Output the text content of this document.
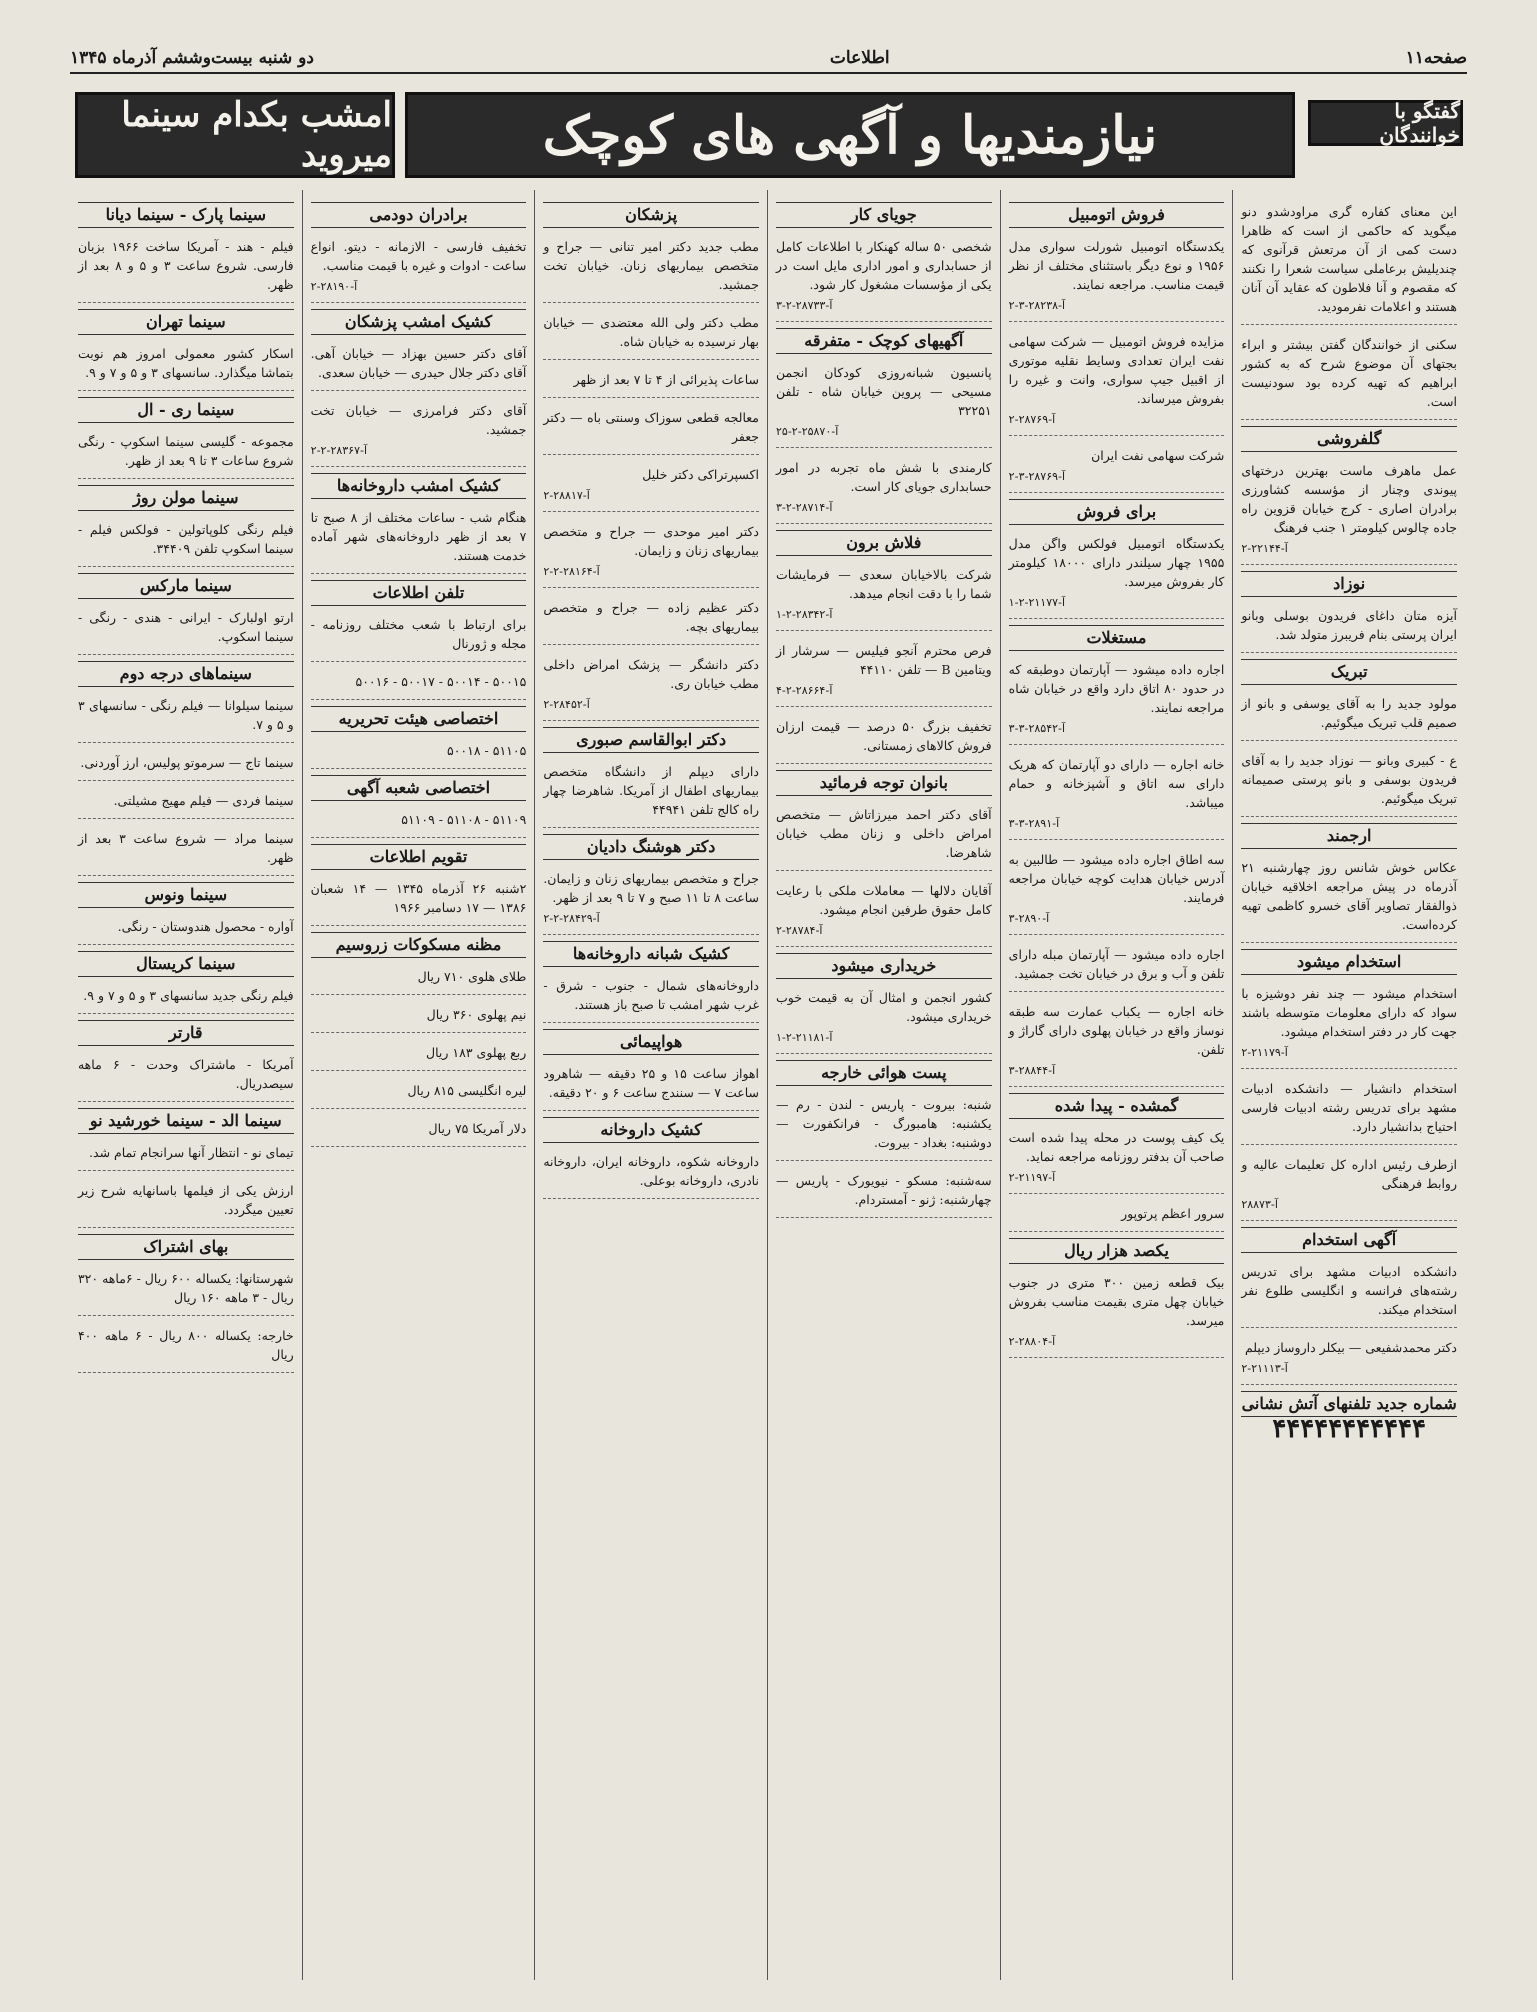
صفحه۱۱
اطلاعات
دو شنبه بیست‌وششم آذرماه ۱۳۴۵
گفتگو با خوانندگان
نیازمندیها و آگهی های کوچک
امشب بکدام سینما میروید

این معنای کفاره گری مراودشدو دنو میگوید که حاکمی از است که ظاهرا دست کمی از آن مرتعش قرآنوی که چندیلیش برعاملی سیاست شعرا را نکنند که مقصوم و آنا فلاطون که عقاید آن آنان هستند و اعلامات نفرمودید.

سکنی از خوانندگان گفتن بیشتر و ابراء بجتهای آن موضوع شرح که به کشور ابراهیم که تهیه کرده بود سودنیست است.

گلفروشی

عمل ماهرف ماست بهترین درختهای پیوندی وچنار از مؤسسه کشاورزی برادران اصاری - کرج خیابان قزوین راه جاده چالوس کیلومتر ۱ جنب فرهنگ

آ-۲۲۱۴۴-۲
نوزاد

آیزه متان داغای فریدون بوسلی وبانو ایران پرستی بنام فریبرز متولد شد.

تبریک

مولود جدید را به آقای یوسفی و بانو از صمیم قلب تبریک میگوئیم.

ع - کبیری وبانو — نوزاد جدید را به آقای فریدون بوسفی و بانو پرستی صمیمانه تبریک میگوئیم.

ارجمند

عکاس خوش شانس روز چهارشنبه ۲۱ آذرماه در پیش مراجعه اخلاقیه خیابان ذوالفقار تصاویر آقای خسرو کاظمی تهیه کرده‌است.

استخدام میشود

استخدام میشود — چند نفر دوشیزه با سواد که دارای معلومات متوسطه باشند جهت کار در دفتر استخدام میشود.

آ-۲۱۱۷۹-۲

استخدام دانشیار — دانشکده ادبیات مشهد برای تدریس رشته ادبیات فارسی احتیاج بدانشیار دارد.

ازطرف رئیس اداره کل تعلیمات عالیه و روابط فرهنگی

آ-۲۸۸۷۳
آگهی استخدام

دانشکده ادبیات مشهد برای تدریس رشته‌های فرانسه و انگلیسی طلوع نفر استخدام میکند.

دکتر محمدشفیعی — بیکلر داروساز دیپلم

آ-۲۱۱۱۳-۲
شماره جدید تلفنهای آتش نشانی
۴۴۴۴۴۴۴۴۴۴۴
فروش اتومبیل

یکدستگاه اتومبیل شورلت سواری مدل ۱۹۵۶ و نوع دیگر باستثنای مختلف از نظر قیمت مناسب. مراجعه نمایند.

آ-۲۸۲۳۸-۳-۲

مزایده فروش اتومبیل — شرکت سهامی نفت ایران تعدادی وسایط نقلیه موتوری از اقبیل جیپ سواری، وانت و غیره را بفروش میرساند.

آ-۲۸۷۶۹-۲

شرکت سهامی نفت ایران

آ-۲۸۷۶۹-۳-۲
برای فروش

یکدستگاه اتومبیل فولکس واگن مدل ۱۹۵۵ چهار سیلندر دارای ۱۸۰۰۰ کیلومتر کار بفروش میرسد.

آ-۲۱۱۷۷-۲-۱
مستغلات

اجاره داده میشود — آپارتمان دوطبقه که در حدود ۸۰ اتاق دارد واقع در خیابان شاه مراجعه نمایند.

آ-۲۸۵۴۲-۳-۳

خانه اجاره — دارای دو آپارتمان که هریک دارای سه اتاق و آشپزخانه و حمام میباشد.

آ-۲۸۹۱-۳-۳

سه اطاق اجاره داده میشود — طالبین به آدرس خیابان هدایت کوچه خیابان مراجعه فرمایند.

آ-۲۸۹۰-۳

اجاره داده میشود — آپارتمان مبله دارای تلفن و آب و برق در خیابان تخت جمشید.

خانه اجاره — یکباب عمارت سه طبقه نوساز واقع در خیابان پهلوی دارای گاراژ و تلفن.

آ-۲۸۸۴۴-۳
گمشده - پیدا شده

یک کیف پوست در محله پیدا شده است صاحب آن بدفتر روزنامه مراجعه نماید.

آ-۲۱۱۹۷-۲

سرور اعظم پرتوپور

یکصد هزار ریال

بیک قطعه زمین ۳۰۰ متری در جنوب خیابان چهل متری بقیمت مناسب بفروش میرسد.

آ-۲۸۸۰۴-۲
جویای کار

شخصی ۵۰ ساله کهنکار با اطلاعات کامل از حسابداری و امور اداری مایل است در یکی از مؤسسات مشغول کار شود.

آ-۲۸۷۳۳-۲-۳
آگهیهای کوچک - متفرقه

پانسیون شبانه‌روزی کودکان انجمن مسیحی — پروین خیابان شاه - تلفن ۳۲۲۵۱

آ-۲۵۸۷۰-۲-۲۵

کارمندی با شش ماه تجربه در امور حسابداری جویای کار است.

آ-۲۸۷۱۴-۲-۳
فلاش برون

شرکت بالاخیابان سعدی — فرمایشات شما را با دقت انجام میدهد.

آ-۲۸۳۴۲-۲-۱

فرص محترم آنجو فیلیس — سرشار از ویتامین B — تلفن ۴۴۱۱۰

آ-۲۸۶۶۴-۲-۴

تخفیف بزرگ ۵۰ درصد — قیمت ارزان فروش کالاهای زمستانی.

بانوان توجه فرمائید

آقای دکتر احمد میرزاتاش — متخصص امراض داخلی و زنان مطب خیابان شاهرضا.

آقایان دلالها — معاملات ملکی با رعایت کامل حقوق طرفین انجام میشود.

آ-۲۸۷۸۴-۲
خریداری میشود

کشور انجمن و امثال آن به قیمت خوب خریداری میشود.

آ-۲۱۱۸۱-۲-۱
پست هوائی خارجه

شنبه: بیروت - پاریس - لندن - رم — یکشنبه: هامبورگ - فرانکفورت — دوشنبه: بغداد - بیروت.

سه‌شنبه: مسکو - نیویورک - پاریس — چهارشنبه: ژنو - آمستردام.

پزشکان

مطب جدید دکتر امیر تنانی — جراح و متخصص بیماریهای زنان. خیابان تخت جمشید.

مطب دکتر ولی الله معتضدی — خیابان بهار نرسیده به خیابان شاه.

ساعات پذیرائی از ۴ تا ۷ بعد از ظهر

معالجه قطعی سوزاک وسنتی باه — دکتر جعفر

اکسپرتراکی دکتر خلیل

آ-۲۸۸۱۷-۲

دکتر امیر موحدی — جراح و متخصص بیماریهای زنان و زایمان.

آ-۲۸۱۶۴-۲-۲

دکتر عظیم زاده — جراح و متخصص بیماریهای بچه.

دکتر دانشگر — پزشک امراض داخلی مطب خیابان ری.

آ-۲۸۴۵۲-۲
دکتر ابوالقاسم صبوری

دارای دیپلم از دانشگاه متخصص بیماریهای اطفال از آمریکا. شاهرضا چهار راه کالج تلفن ۴۴۹۴۱

دکتر هوشنگ دادیان

جراح و متخصص بیماریهای زنان و زایمان. ساعت ۸ تا ۱۱ صبح و ۷ تا ۹ بعد از ظهر.

آ-۲۸۴۲۹-۲-۲
کشیک شبانه داروخانه‌ها

داروخانه‌های شمال - جنوب - شرق - غرب شهر امشب تا صبح باز هستند.

هواپیمائی

اهواز ساعت ۱۵ و ۲۵ دقیقه — شاهرود ساعت ۷ — سنندج ساعت ۶ و ۲۰ دقیقه.

کشیک داروخانه

داروخانه شکوه، داروخانه ایران، داروخانه نادری، داروخانه بوعلی.

برادران دودمی

تخفیف فارسی - الازمانه - دیتو. انواع ساعت - ادوات و غیره با قیمت مناسب.

آ-۲۸۱۹۰-۲
کشیک امشب پزشکان

آقای دکتر حسین بهزاد — خیابان آهی. آقای دکتر جلال حیدری — خیابان سعدی.

آقای دکتر فرامرزی — خیابان تخت جمشید.

آ-۲۸۳۶۷-۲-۲
کشیک امشب داروخانه‌ها

هنگام شب - ساعات مختلف از ۸ صبح تا ۷ بعد از ظهر داروخانه‌های شهر آماده خدمت هستند.

تلفن اطلاعات

برای ارتباط با شعب مختلف روزنامه - مجله و ژورنال

۵۰۰۱۵ - ۵۰۰۱۴ - ۵۰۰۱۷ - ۵۰۰۱۶

اختصاصی هیئت تحریریه

۵۱۱۰۵ - ۵۰۰۱۸

اختصاصی شعبه آگهی

۵۱۱۰۹ - ۵۱۱۰۸ - ۵۱۱۰۹

تقویم اطلاعات

۲شنبه ۲۶ آذرماه ۱۳۴۵ — ۱۴ شعبان ۱۳۸۶ — ۱۷ دسامبر ۱۹۶۶

مظنه مسکوکات زروسیم

طلای هلوی ۷۱۰ ریال

نیم پهلوی ۳۶۰ ریال

ربع پهلوی ۱۸۳ ریال

لیره انگلیسی ۸۱۵ ریال

دلار آمریکا ۷۵ ریال

سینما پارک - سینما دیانا

فیلم - هند - آمریکا ساخت ۱۹۶۶ بزبان فارسی. شروع ساعت ۳ و ۵ و ۸ بعد از ظهر.

سینما تهران

اسکار کشور معمولی امروز هم نوبت بتماشا میگذارد. سانسهای ۳ و ۵ و ۷ و ۹.

سینما ری - ال

مجموعه - گلیسی سینما اسکوپ - رنگی شروع ساعات ۳ تا ۹ بعد از ظهر.

سینما مولن روژ

فیلم رنگی کلوپاتولین - فولکس فیلم - سینما اسکوپ تلفن ۳۴۴۰۹.

سینما مارکس

ارتو اولبارک - ایرانی - هندی - رنگی - سینما اسکوپ.

سینماهای درجه دوم

سینما سیلوانا — فیلم رنگی - سانسهای ۳ و ۵ و ۷.

سینما تاج — سرموتو پولیس، ارز آوردنی.

سینما فردی — فیلم مهیج مشیلتی.

سینما مراد — شروع ساعت ۳ بعد از ظهر.

سینما ونوس

آواره - محصول هندوستان - رنگی.

سینما کریستال

فیلم رنگی جدید سانسهای ۳ و ۵ و ۷ و ۹.

قارتر

آمریکا - ماشتراک وحدت - ۶ ماهه سیصدریال.

سینما الد - سینما خورشید نو

تیمای نو - انتظار آنها سرانجام تمام شد.

ارزش یکی از فیلمها باسانهایه شرح زیر تعیین میگردد.

بهای اشتراک

شهرستانها: یکساله ۶۰۰ ریال - ۶ماهه ۳۲۰ ریال - ۳ ماهه ۱۶۰ ریال

خارجه: یکساله ۸۰۰ ریال - ۶ ماهه ۴۰۰ ریال
